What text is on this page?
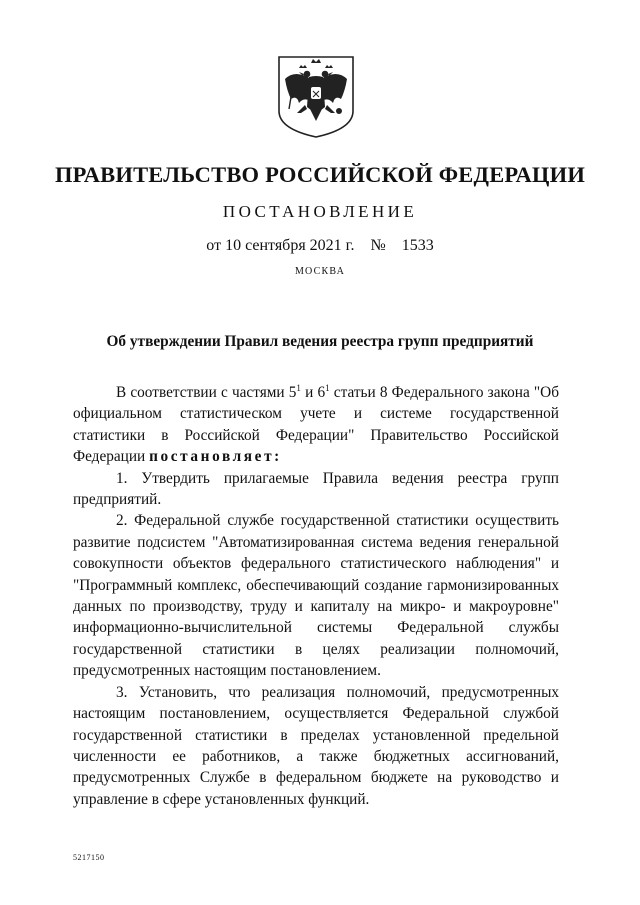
ПРАВИТЕЛЬСТВО РОССИЙСКОЙ ФЕДЕРАЦИИ
ПОСТАНОВЛЕНИЕ
от 10 сентября 2021 г. № 1533
МОСКВА
Об утверждении Правил ведения реестра групп предприятий

В соответствии с частями $5^1$ и $6^1$ статьи 8 Федерального закона "Об официальном статистическом учете и системе государственной статистики в Российской Федерации" Правительство Российской Федерации постановляет:

1. Утвердить прилагаемые Правила ведения реестра групп предприятий.

2. Федеральной службе государственной статистики осуществить развитие подсистем "Автоматизированная система ведения генеральной совокупности объектов федерального статистического наблюдения" и "Программный комплекс, обеспечивающий создание гармонизированных данных по производству, труду и капиталу на микро- и макроуровне" информационно-вычислительной системы Федеральной службы государственной статистики в целях реализации полномочий, предусмотренных настоящим постановлением.

3. Установить, что реализация полномочий, предусмотренных настоящим постановлением, осуществляется Федеральной службой государственной статистики в пределах установленной предельной численности ее работников, а также бюджетных ассигнований, предусмотренных Службе в федеральном бюджете на руководство и управление в сфере установленных функций.

5217150
